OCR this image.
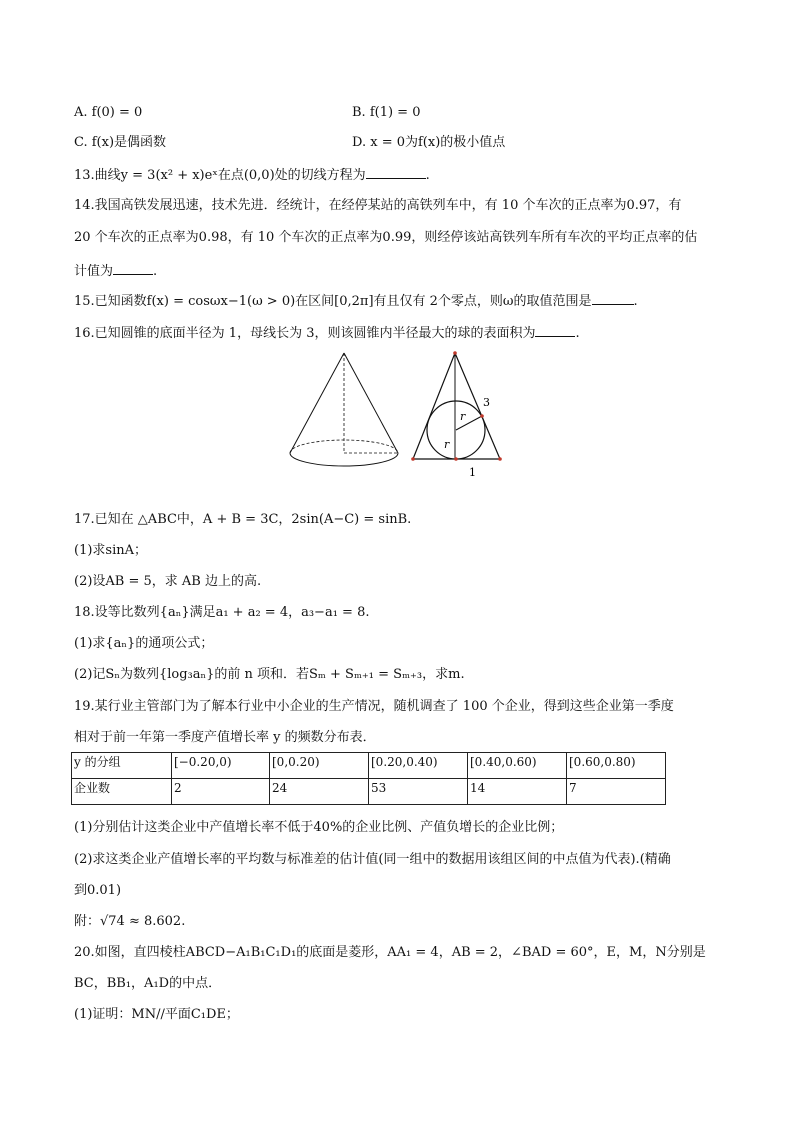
A. f(0) = 0	B. f(1) = 0
C. f(x)是偶函数	D. x = 0为f(x)的极小值点
13.曲线y = 3(x² + x)eˣ在点(0,0)处的切线方程为	.
14.我国高铁发展迅速，技术先进．经统计，在经停某站的高铁列车中，有 10 个车次的正点率为0.97，有
20 个车次的正点率为0.98，有 10 个车次的正点率为0.99，则经停该站高铁列车所有车次的平均正点率的估
计值为	.
15.已知函数f(x) = cosωx−1(ω > 0)在区间[0,2π]有且仅有 2个零点，则ω的取值范围是	.
16.已知圆锥的底面半径为 1，母线长为 3，则该圆锥内半径最大的球的表面积为	.
r
r
3
1
17.已知在 △ABC中，A + B = 3C，2sin(A−C) = sinB.
(1)求sinA；
(2)设AB = 5，求 AB 边上的高.
18.设等比数列{aₙ}满足a₁ + a₂ = 4，a₃−a₁ = 8.
(1)求{aₙ}的通项公式；
(2)记Sₙ为数列{log₃aₙ}的前 n 项和．若Sₘ + Sₘ₊₁ = Sₘ₊₃，求m.
19.某行业主管部门为了解本行业中小企业的生产情况，随机调查了 100 个企业，得到这些企业第一季度
相对于前一年第一季度产值增长率 y 的频数分布表．
y 的分组	[−0.20,0)	[0,0.20)	[0.20,0.40)	[0.40,0.60)	[0.60,0.80)
企业数	2	24	53	14	7
(1)分别估计这类企业中产值增长率不低于40%的企业比例、产值负增长的企业比例；
(2)求这类企业产值增长率的平均数与标准差的估计值(同一组中的数据用该组区间的中点值为代表).(精确
到0.01)
附：√74 ≈ 8.602.
20.如图，直四棱柱ABCD−A₁B₁C₁D₁的底面是菱形，AA₁ = 4，AB = 2，∠BAD = 60°，E，M，N分别是
BC，BB₁，A₁D的中点．
(1)证明：MN//平面C₁DE；
